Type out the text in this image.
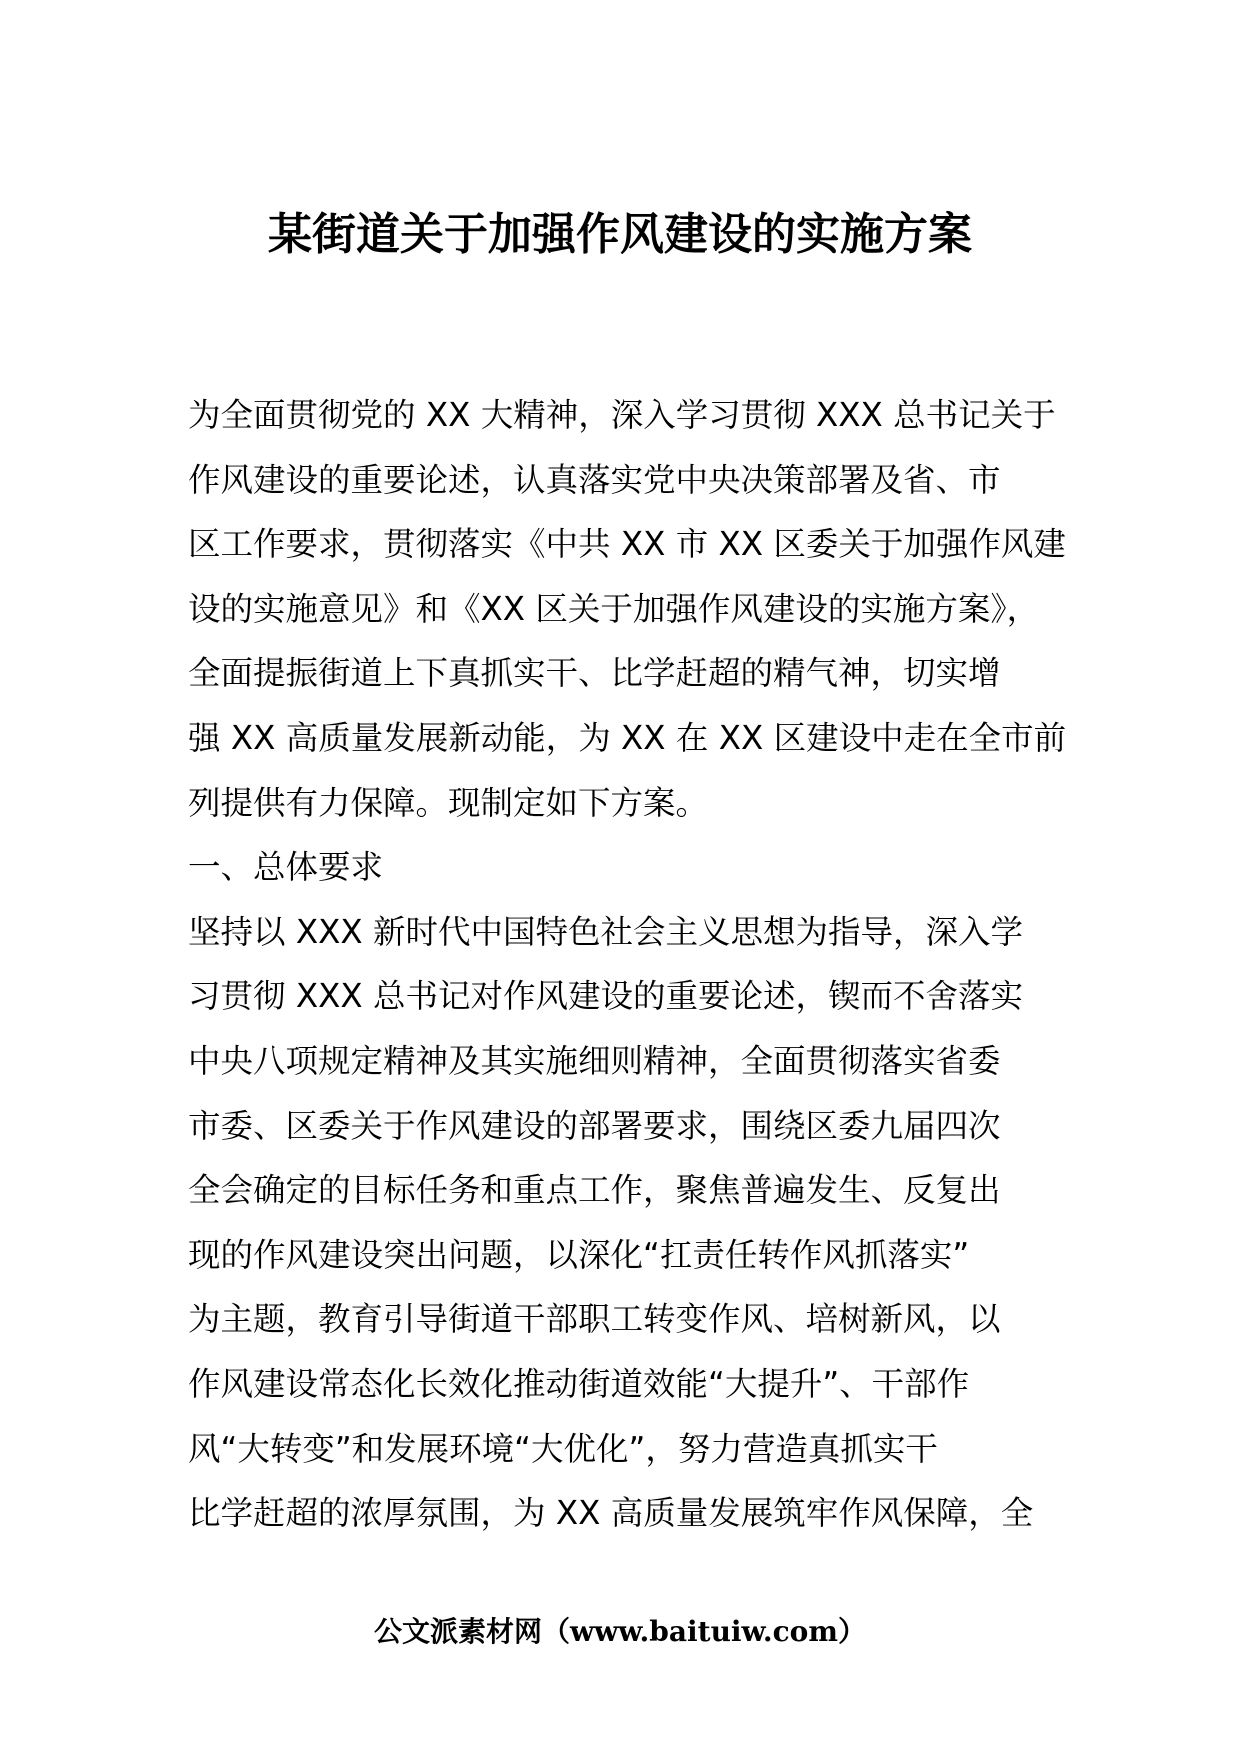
某街道关于加强作风建设的实施方案
为全面贯彻党的 XX 大精神，深入学习贯彻 XXX 总书记关于
作风建设的重要论述，认真落实党中央决策部署及省、市
区工作要求，贯彻落实《中共 XX 市 XX 区委关于加强作风建
设的实施意见》和《XX 区关于加强作风建设的实施方案》，
全面提振街道上下真抓实干、比学赶超的精气神，切实增
强 XX 高质量发展新动能，为 XX 在 XX 区建设中走在全市前
列提供有力保障。现制定如下方案。
一、总体要求
坚持以 XXX 新时代中国特色社会主义思想为指导，深入学
习贯彻 XXX 总书记对作风建设的重要论述，锲而不舍落实
中央八项规定精神及其实施细则精神，全面贯彻落实省委
市委、区委关于作风建设的部署要求，围绕区委九届四次
全会确定的目标任务和重点工作，聚焦普遍发生、反复出
现的作风建设突出问题，以深化“扛责任转作风抓落实”
为主题，教育引导街道干部职工转变作风、培树新风，以
作风建设常态化长效化推动街道效能“大提升”、干部作
风“大转变”和发展环境“大优化”，努力营造真抓实干
比学赶超的浓厚氛围，为 XX 高质量发展筑牢作风保障，全
公文派素材网（www.baituiw.com）
